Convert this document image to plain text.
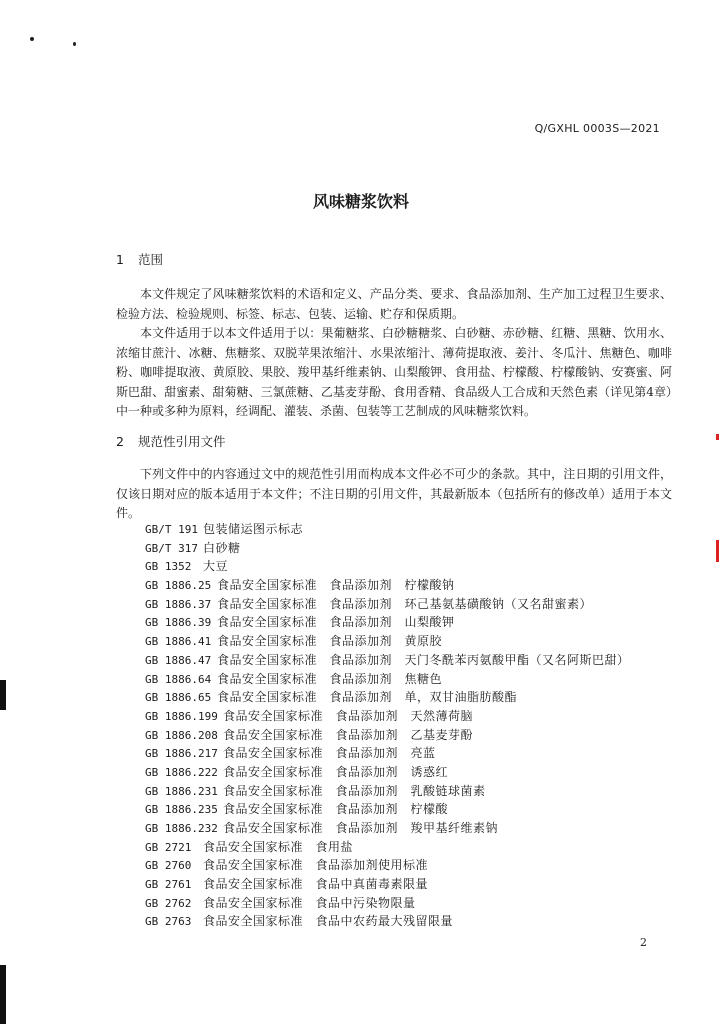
Q/GXHL 0003S—2021
风味糖浆饮料
1 范围

本文件规定了风味糖浆饮料的术语和定义、产品分类、要求、食品添加剂、生产加工过程卫生要求、检验方法、检验规则、标签、标志、包装、运输、贮存和保质期。

本文件适用于以本文件适用于以：果葡糖浆、白砂糖糖浆、白砂糖、赤砂糖、红糖、黑糖、饮用水、浓缩甘蔗汁、冰糖、焦糖浆、双脱苹果浓缩汁、水果浓缩汁、薄荷提取液、姜汁、冬瓜汁、焦糖色、咖啡粉、咖啡提取液、黄原胶、果胶、羧甲基纤维素钠、山梨酸钾、食用盐、柠檬酸、柠檬酸钠、安赛蜜、阿斯巴甜、甜蜜素、甜菊糖、三氯蔗糖、乙基麦芽酚、食用香精、食品级人工合成和天然色素（详见第4章）中一种或多种为原料，经调配、灌装、杀菌、包装等工艺制成的风味糖浆饮料。

2 规范性引用文件

下列文件中的内容通过文中的规范性引用而构成本文件必不可少的条款。其中，注日期的引用文件，仅该日期对应的版本适用于本文件；不注日期的引用文件，其最新版本（包括所有的修改单）适用于本文件。

GB/T 191 包装储运图示标志
GB/T 317 白砂糖
GB 1352 大豆
GB 1886.25 食品安全国家标准　食品添加剂　柠檬酸钠
GB 1886.37 食品安全国家标准　食品添加剂　环己基氨基磺酸钠（又名甜蜜素）
GB 1886.39 食品安全国家标准　食品添加剂　山梨酸钾
GB 1886.41 食品安全国家标准　食品添加剂　黄原胶
GB 1886.47 食品安全国家标准　食品添加剂　天门冬酰苯丙氨酸甲酯（又名阿斯巴甜）
GB 1886.64 食品安全国家标准　食品添加剂　焦糖色
GB 1886.65 食品安全国家标准　食品添加剂　单，双甘油脂肪酸酯
GB 1886.199 食品安全国家标准　食品添加剂　天然薄荷脑
GB 1886.208 食品安全国家标准　食品添加剂　乙基麦芽酚
GB 1886.217 食品安全国家标准　食品添加剂　亮蓝
GB 1886.222 食品安全国家标准　食品添加剂　诱惑红
GB 1886.231 食品安全国家标准　食品添加剂　乳酸链球菌素
GB 1886.235 食品安全国家标准　食品添加剂　柠檬酸
GB 1886.232 食品安全国家标准　食品添加剂　羧甲基纤维素钠
GB 2721 食品安全国家标准　食用盐
GB 2760 食品安全国家标准　食品添加剂使用标准
GB 2761 食品安全国家标准　食品中真菌毒素限量
GB 2762 食品安全国家标准　食品中污染物限量
GB 2763 食品安全国家标准　食品中农药最大残留限量
2
